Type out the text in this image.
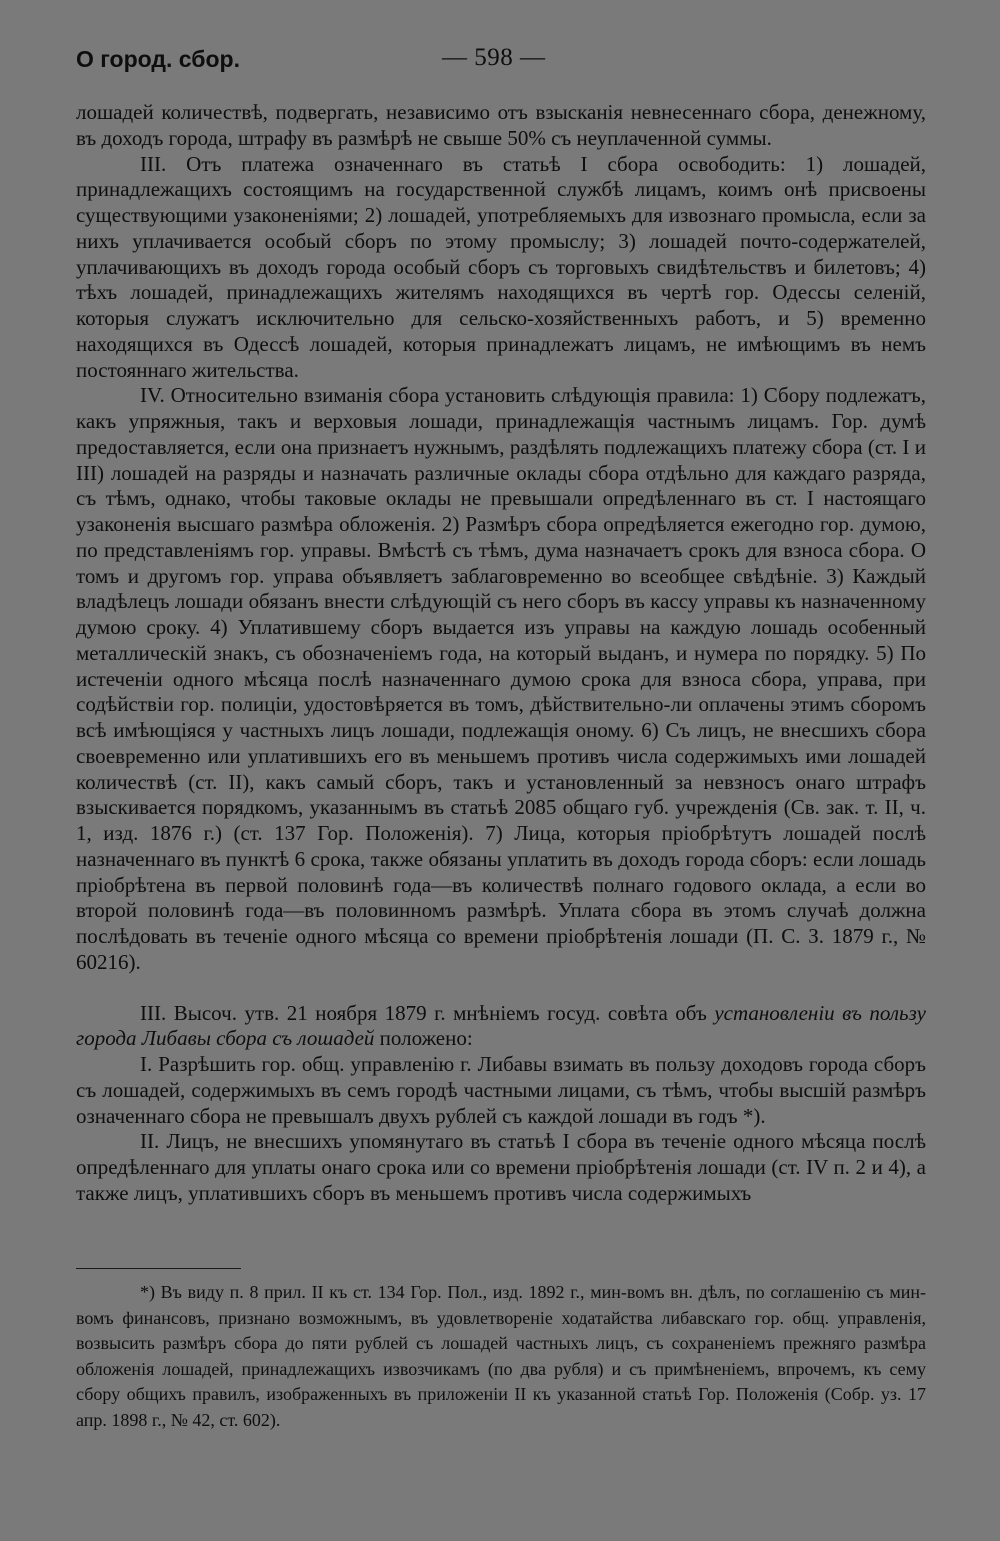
О город. сбор.	— 598 —

лошадей количествѣ, подвергать, независимо отъ взысканія невнесеннаго сбора, денежному, въ доходъ города, штрафу въ размѣрѣ не свыше 50% съ неуплаченной суммы.

III. Отъ платежа означеннаго въ статьѣ I сбора освободить: 1) лошадей, принадлежащихъ состоящимъ на государственной службѣ лицамъ, коимъ онѣ присвоены существующими узаконеніями; 2) лошадей, употребляемыхъ для извознаго промысла, если за нихъ уплачивается особый сборъ по этому промыслу; 3) лошадей почто-содержателей, уплачивающихъ въ доходъ города особый сборъ съ торговыхъ свидѣтельствъ и билетовъ; 4) тѣхъ лошадей, принадлежащихъ жителямъ находящихся въ чертѣ гор. Одессы селеній, которыя служатъ исключительно для сельско-хозяйственныхъ работъ, и 5) временно находящихся въ Одессѣ лошадей, которыя принадлежатъ лицамъ, не имѣющимъ въ немъ постояннаго жительства.

IV. Относительно взиманія сбора установить слѣдующія правила: 1) Сбору подлежатъ, какъ упряжныя, такъ и верховыя лошади, принадлежащія частнымъ лицамъ. Гор. думѣ предоставляется, если она признаетъ нужнымъ, раздѣлять подлежащихъ платежу сбора (ст. I и III) лошадей на разряды и назначать различные оклады сбора отдѣльно для каждаго разряда, съ тѣмъ, однако, чтобы таковые оклады не превышали опредѣленнаго въ ст. I настоящаго узаконенія высшаго размѣра обложенія. 2) Размѣръ сбора опредѣляется ежегодно гор. думою, по представленіямъ гор. управы. Вмѣстѣ съ тѣмъ, дума назначаетъ срокъ для взноса сбора. О томъ и другомъ гор. управа объявляетъ заблаговременно во всеобщее свѣдѣніе. 3) Каждый владѣлецъ лошади обязанъ внести слѣдующій съ него сборъ въ кассу управы къ назначенному думою сроку. 4) Уплатившему сборъ выдается изъ управы на каждую лошадь особенный металлическій знакъ, съ обозначеніемъ года, на который выданъ, и нумера по порядку. 5) По истеченіи одного мѣсяца послѣ назначеннаго думою срока для взноса сбора, управа, при содѣйствіи гор. полиціи, удостовѣряется въ томъ, дѣйствительно-ли оплачены этимъ сборомъ всѣ имѣющіяся у частныхъ лицъ лошади, подлежащія оному. 6) Съ лицъ, не внесшихъ сбора своевременно или уплатившихъ его въ меньшемъ противъ числа содержимыхъ ими лошадей количествѣ (ст. II), какъ самый сборъ, такъ и установленный за невзносъ онаго штрафъ взыскивается порядкомъ, указаннымъ въ статьѣ 2085 общаго губ. учрежденія (Св. зак. т. II, ч. 1, изд. 1876 г.) (ст. 137 Гор. Положенія). 7) Лица, которыя пріобрѣтутъ лошадей послѣ назначеннаго въ пунктѣ 6 срока, также обязаны уплатить въ доходъ города сборъ: если лошадь пріобрѣтена въ первой половинѣ года—въ количествѣ полнаго годового оклада, а если во второй половинѣ года—въ половинномъ размѣрѣ. Уплата сбора въ этомъ случаѣ должна послѣдовать въ теченіе одного мѣсяца со времени пріобрѣтенія лошади (П. С. З. 1879 г., № 60216).

III. Высоч. утв. 21 ноября 1879 г. мнѣніемъ госуд. совѣта объ установленіи въ пользу города Либавы сбора съ лошадей положено:

I. Разрѣшить гор. общ. управленію г. Либавы взимать въ пользу доходовъ города сборъ съ лошадей, содержимыхъ въ семъ городѣ частными лицами, съ тѣмъ, чтобы высшій размѣръ означеннаго сбора не превышалъ двухъ рублей съ каждой лошади въ годъ *).

II. Лицъ, не внесшихъ упомянутаго въ статьѣ I сбора въ теченіе одного мѣсяца послѣ опредѣленнаго для уплаты онаго срока или со времени пріобрѣтенія лошади (ст. IV п. 2 и 4), а также лицъ, уплатившихъ сборъ въ меньшемъ противъ числа содержимыхъ

*) Въ виду п. 8 прил. II къ ст. 134 Гор. Пол., изд. 1892 г., мин-вомъ вн. дѣлъ, по соглашенію съ мин-вомъ финансовъ, признано возможнымъ, въ удовлетвореніе ходатайства либавскаго гор. общ. управленія, возвысить размѣръ сбора до пяти рублей съ лошадей частныхъ лицъ, съ сохраненіемъ прежняго размѣра обложенія лошадей, принадлежащихъ извозчикамъ (по два рубля) и съ примѣненіемъ, впрочемъ, къ сему сбору общихъ правилъ, изображенныхъ въ приложеніи II къ указанной статьѣ Гор. Положенія (Собр. уз. 17 апр. 1898 г., № 42, ст. 602).
